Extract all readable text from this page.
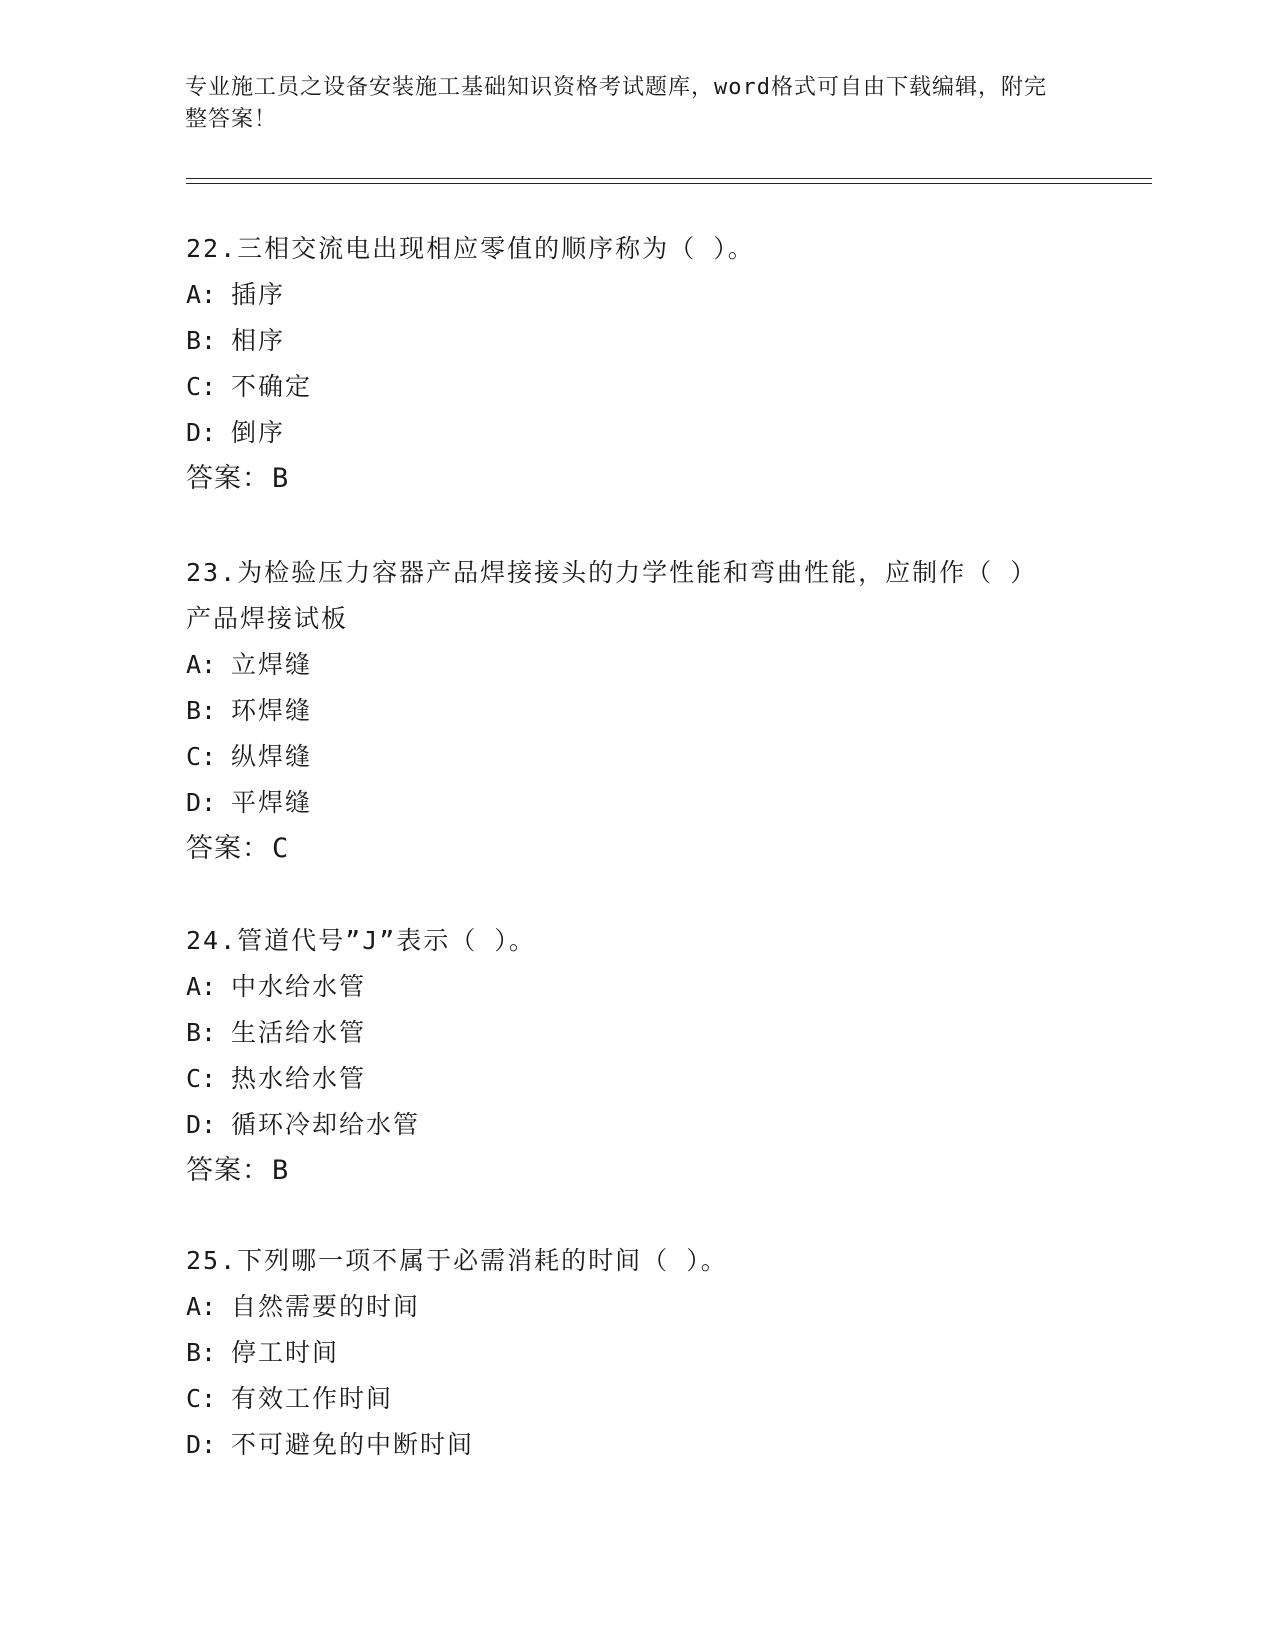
专业施工员之设备安装施工基础知识资格考试题库，word格式可自由下载编辑，附完整答案！

22.三相交流电出现相应零值的顺序称为（ ）。

A: 插序
B: 相序
C: 不确定
D: 倒序
答案：B

23.为检验压力容器产品焊接接头的力学性能和弯曲性能，应制作（ ）产品焊接试板

A: 立焊缝
B: 环焊缝
C: 纵焊缝
D: 平焊缝
答案：C

24.管道代号”J”表示（ ）。

A: 中水给水管
B: 生活给水管
C: 热水给水管
D: 循环冷却给水管
答案：B

25.下列哪一项不属于必需消耗的时间（ ）。

A: 自然需要的时间
B: 停工时间
C: 有效工作时间
D: 不可避免的中断时间
